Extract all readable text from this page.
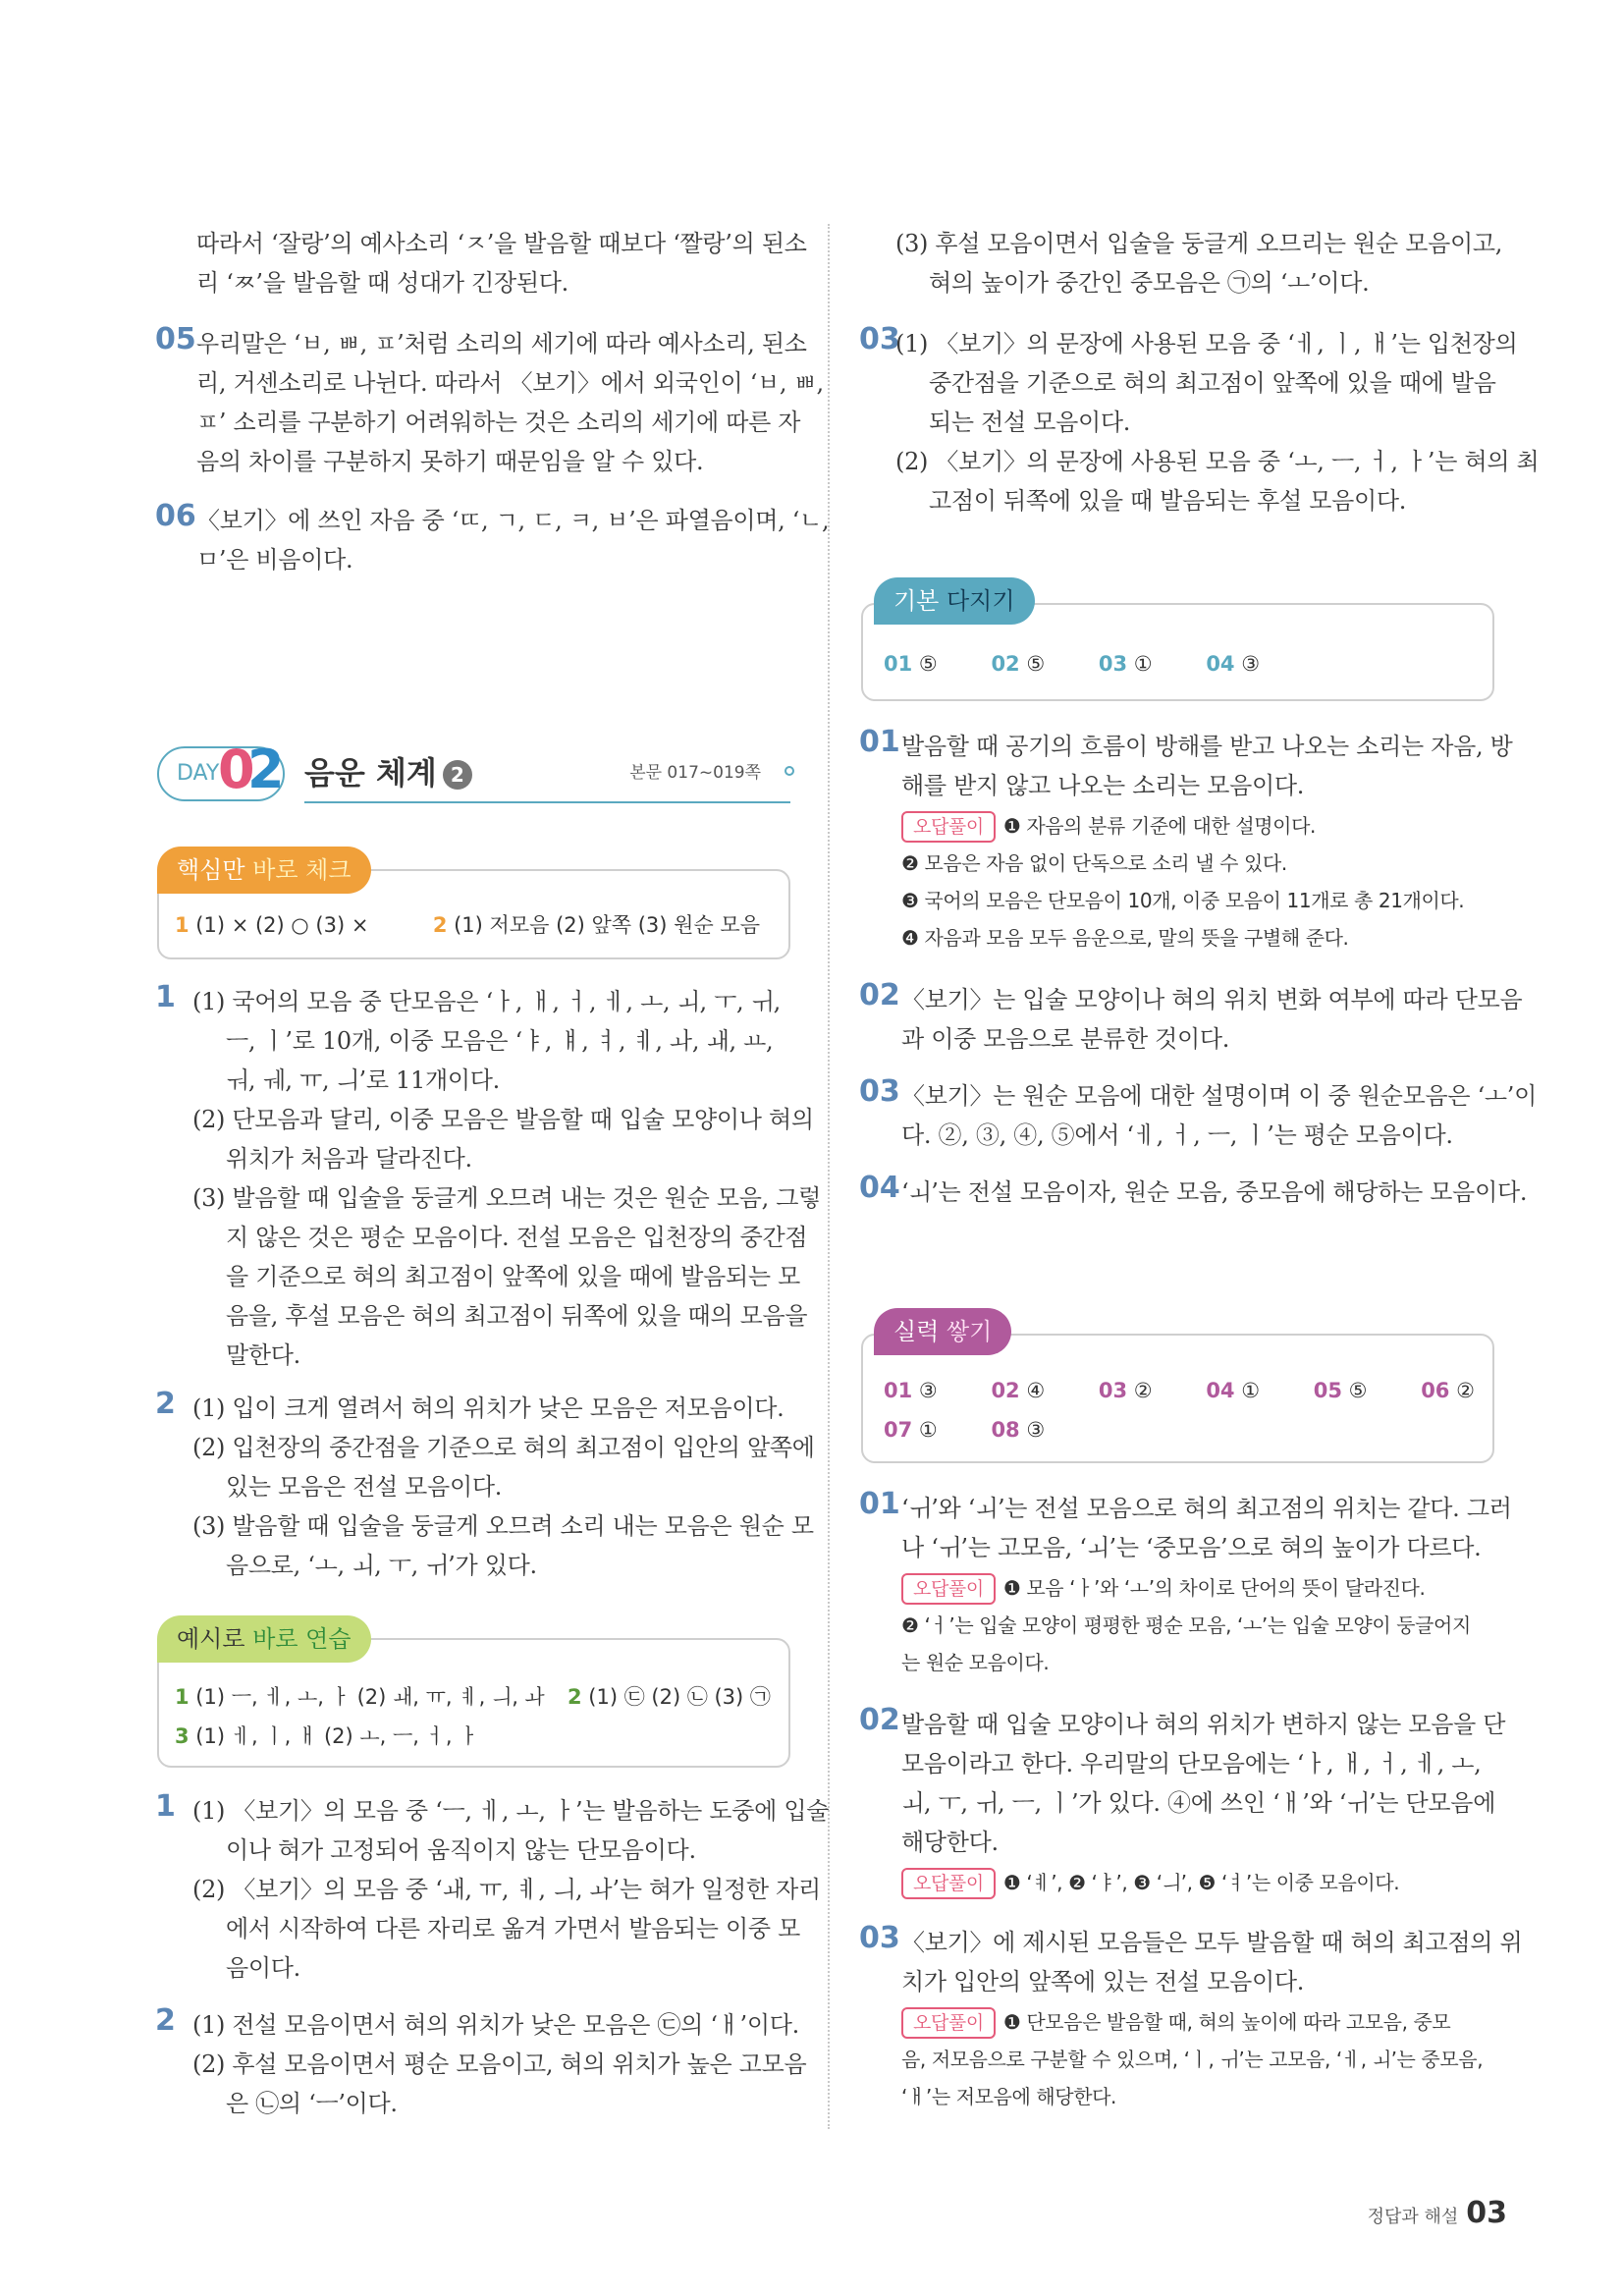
따라서 ‘잘랑’의 예사소리 ‘ㅈ’을 발음할 때보다 ‘짤랑’의 된소
리 ‘ㅉ’을 발음할 때 성대가 긴장된다.
05 우리말은 ‘ㅂ, ㅃ, ㅍ’처럼 소리의 세기에 따라 예사소리, 된소
리, 거센소리로 나뉜다. 따라서 〈보기〉에서 외국인이 ‘ㅂ, ㅃ,
ㅍ’ 소리를 구분하기 어려워하는 것은 소리의 세기에 따른 자
음의 차이를 구분하지 못하기 때문임을 알 수 있다.
06 〈보기〉에 쓰인 자음 중 ‘ㄸ, ㄱ, ㄷ, ㅋ, ㅂ’은 파열음이며, ‘ㄴ,
ㅁ’은 비음이다.
DAY
0
2 음운 체계 2	본문 017~019쪽
핵심만 바로 체크
1 (1) × (2) ○ (3) ×	2 (1) 저모음 (2) 앞쪽 (3) 원순 모음
1 (1) 국어의 모음 중 단모음은 ‘ㅏ, ㅐ, ㅓ, ㅔ, ㅗ, ㅚ, ㅜ, ㅟ,
ㅡ, ㅣ’로 10개, 이중 모음은 ‘ㅑ, ㅒ, ㅕ, ㅖ, ㅘ, ㅙ, ㅛ,
ㅝ, ㅞ, ㅠ, ㅢ’로 11개이다.
(2) 단모음과 달리, 이중 모음은 발음할 때 입술 모양이나 혀의
위치가 처음과 달라진다.
(3) 발음할 때 입술을 둥글게 오므려 내는 것은 원순 모음, 그렇
지 않은 것은 평순 모음이다. 전설 모음은 입천장의 중간점
을 기준으로 혀의 최고점이 앞쪽에 있을 때에 발음되는 모
음을, 후설 모음은 혀의 최고점이 뒤쪽에 있을 때의 모음을
말한다.
2 (1) 입이 크게 열려서 혀의 위치가 낮은 모음은 저모음이다.
(2) 입천장의 중간점을 기준으로 혀의 최고점이 입안의 앞쪽에
있는 모음은 전설 모음이다.
(3) 발음할 때 입술을 둥글게 오므려 소리 내는 모음은 원순 모
음으로, ‘ㅗ, ㅚ, ㅜ, ㅟ’가 있다.
예시로 바로 연습
1 (1) ㅡ, ㅔ, ㅗ, ㅏ (2) ㅙ, ㅠ, ㅖ, ㅢ, ㅘ 2 (1) ㉢ (2) ㉡ (3) ㉠
3 (1) ㅔ, ㅣ, ㅐ (2) ㅗ, ㅡ, ㅓ, ㅏ
1 (1) 〈보기〉의 모음 중 ‘ㅡ, ㅔ, ㅗ, ㅏ’는 발음하는 도중에 입술
이나 혀가 고정되어 움직이지 않는 단모음이다.
(2) 〈보기〉의 모음 중 ‘ㅙ, ㅠ, ㅖ, ㅢ, ㅘ’는 혀가 일정한 자리
에서 시작하여 다른 자리로 옮겨 가면서 발음되는 이중 모
음이다.
2 (1) 전설 모음이면서 혀의 위치가 낮은 모음은 ㉢의 ‘ㅐ’이다.
(2) 후설 모음이면서 평순 모음이고, 혀의 위치가 높은 고모음
은 ㉡의 ‘ㅡ’이다.
(3) 후설 모음이면서 입술을 둥글게 오므리는 원순 모음이고,
혀의 높이가 중간인 중모음은 ㉠의 ‘ㅗ’이다.
03
(1) 〈보기〉의 문장에 사용된 모음 중 ‘ㅔ, ㅣ, ㅐ’는 입천장의
중간점을 기준으로 혀의 최고점이 앞쪽에 있을 때에 발음
되는 전설 모음이다.
(2) 〈보기〉의 문장에 사용된 모음 중 ‘ㅗ, ㅡ, ㅓ, ㅏ’는 혀의 최
고점이 뒤쪽에 있을 때 발음되는 후설 모음이다.
기본 다지기
01 ⑤	02 ⑤	03 ①	04 ③
01 발음할 때 공기의 흐름이 방해를 받고 나오는 소리는 자음, 방
해를 받지 않고 나오는 소리는 모음이다.
오답풀이 ❶ 자음의 분류 기준에 대한 설명이다.
❷ 모음은 자음 없이 단독으로 소리 낼 수 있다.
❸ 국어의 모음은 단모음이 10개, 이중 모음이 11개로 총 21개이다.
❹ 자음과 모음 모두 음운으로, 말의 뜻을 구별해 준다.
02 〈보기〉는 입술 모양이나 혀의 위치 변화 여부에 따라 단모음
과 이중 모음으로 분류한 것이다.
03 〈보기〉는 원순 모음에 대한 설명이며 이 중 원순모음은 ‘ㅗ’이
다. ②, ③, ④, ⑤에서 ‘ㅔ, ㅓ, ㅡ, ㅣ’는 평순 모음이다.
04 ‘ㅚ’는 전설 모음이자, 원순 모음, 중모음에 해당하는 모음이다.
실력 쌓기
01 ③	02 ④	03 ②	04 ①	05 ⑤	06 ②
07 ①	08 ③
01 ‘ㅟ’와 ‘ㅚ’는 전설 모음으로 혀의 최고점의 위치는 같다. 그러
나 ‘ㅟ’는 고모음, ‘ㅚ’는 ‘중모음’으로 혀의 높이가 다르다.
오답풀이 ❶ 모음 ‘ㅏ’와 ‘ㅗ’의 차이로 단어의 뜻이 달라진다.
❷ ‘ㅓ’는 입술 모양이 평평한 평순 모음, ‘ㅗ’는 입술 모양이 둥글어지
는 원순 모음이다.
02 발음할 때 입술 모양이나 혀의 위치가 변하지 않는 모음을 단
모음이라고 한다. 우리말의 단모음에는 ‘ㅏ, ㅐ, ㅓ, ㅔ, ㅗ,
ㅚ, ㅜ, ㅟ, ㅡ, ㅣ’가 있다. ④에 쓰인 ‘ㅐ’와 ‘ㅟ’는 단모음에
해당한다.
오답풀이 ❶ ‘ㅖ’, ❷ ‘ㅑ’, ❸ ‘ㅢ’, ❺ ‘ㅕ’는 이중 모음이다.
03 〈보기〉에 제시된 모음들은 모두 발음할 때 혀의 최고점의 위
치가 입안의 앞쪽에 있는 전설 모음이다.
오답풀이 ❶ 단모음은 발음할 때, 혀의 높이에 따라 고모음, 중모
음, 저모음으로 구분할 수 있으며, ‘ㅣ, ㅟ’는 고모음, ‘ㅔ, ㅚ’는 중모음,
‘ㅐ’는 저모음에 해당한다.
정답과 해설 03
